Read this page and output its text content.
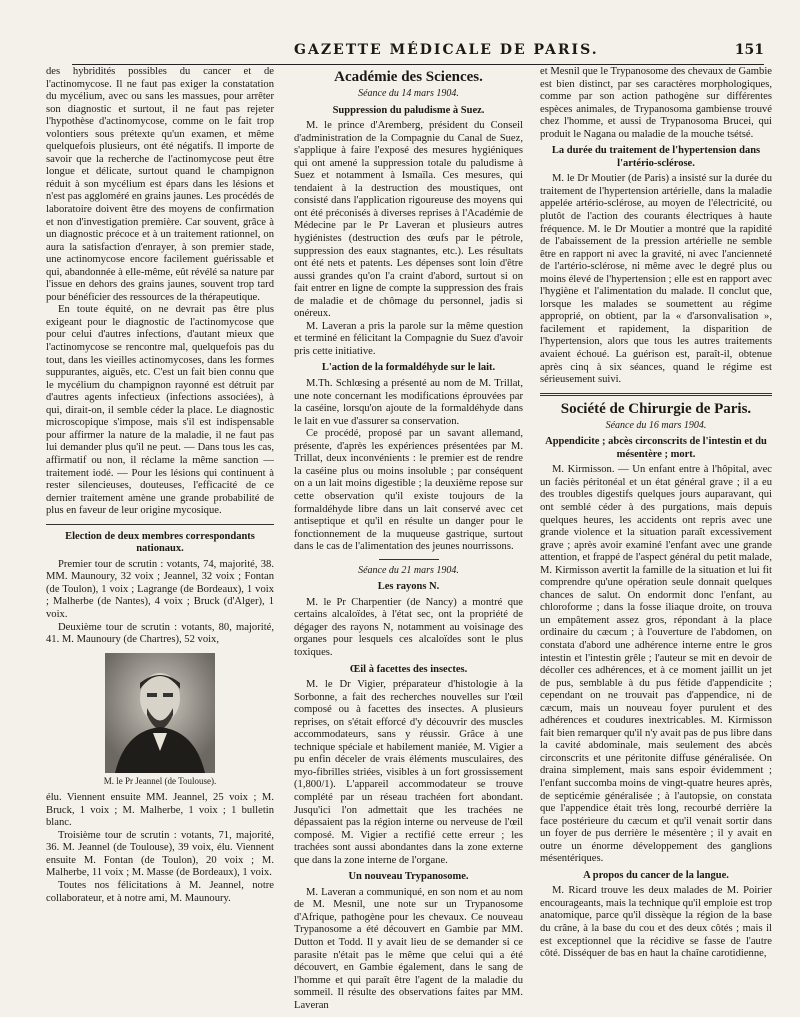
GAZETTE MÉDICALE DE PARIS.	151

des hybridités possibles du cancer et de l'actinomycose. Il ne faut pas exiger la constatation du mycélium, avec ou sans les massues, pour arrêter son diagnostic et surtout, il ne faut pas rejeter l'hypothèse d'actinomycose, comme on le fait trop volontiers sous prétexte qu'un examen, et même quelquefois plusieurs, ont été négatifs. Il importe de savoir que la recherche de l'actinomycose peut être longue et délicate, surtout quand le champignon réduit à son mycélium est épars dans les lésions et n'est pas aggloméré en grains jaunes. Les procédés de laboratoire doivent être des moyens de confirmation et non d'investigation première. Car souvent, grâce à un diagnostic précoce et à un traitement rationnel, on aura la satisfaction d'enrayer, à son premier stade, une actinomycose encore facilement guérissable et qui, abandonnée à elle-même, eût révélé sa nature par l'issue en dehors des grains jaunes, souvent trop tard pour bénéficier des ressources de la thérapeutique.

En toute équité, on ne devrait pas être plus exigeant pour le diagnostic de l'actinomycose que pour celui d'autres infections, d'autant mieux que l'actinomycose se rencontre mal, quelquefois pas du tout, dans les vieilles actinomycoses, dans les formes suppurantes, aiguës, etc. C'est un fait bien connu que le mycélium du champignon rayonné est détruit par d'autres agents infectieux (infections associées), à qui, dirait-on, il semble céder la place. Le diagnostic microscopique s'impose, mais s'il est indispensable pour affirmer la nature de la maladie, il ne faut pas lui demander plus qu'il ne peut. — Dans tous les cas, affirmatif ou non, il réclame la même sanction — traitement iodé. — Pour les lésions qui continuent à rester silencieuses, douteuses, l'efficacité de ce dernier traitement amène une grande probabilité de plus en faveur de leur origine mycosique.

Election de deux membres correspondants nationaux.

Premier tour de scrutin : votants, 74, majorité, 38. MM. Maunoury, 32 voix ; Jeannel, 32 voix ; Fontan (de Toulon), 1 voix ; Lagrange (de Bordeaux), 1 voix ; Malherbe (de Nantes), 4 voix ; Bruck (d'Alger), 1 voix.

Deuxième tour de scrutin : votants, 80, majorité, 41. M. Maunoury (de Chartres), 52 voix,

M. le Pr Jeannel (de Toulouse).

élu. Viennent ensuite MM. Jeannel, 25 voix ; M. Bruck, 1 voix ; M. Malherbe, 1 voix ; 1 bulletin blanc.

Troisième tour de scrutin : votants, 71, majorité, 36. M. Jeannel (de Toulouse), 39 voix, élu. Viennent ensuite M. Fontan (de Toulon), 20 voix ; M. Malherbe, 11 voix ; M. Masse (de Bordeaux), 1 voix.

Toutes nos félicitations à M. Jeannel, notre collaborateur, et à notre ami, M. Maunoury.

Académie des Sciences.
Séance du 14 mars 1904.
Suppression du paludisme à Suez.

M. le prince d'Aremberg, président du Conseil d'administration de la Compagnie du Canal de Suez, s'applique à faire l'exposé des mesures hygiéniques qui ont amené la suppression totale du paludisme à Suez et notamment à Ismaïla. Ces mesures, qui tendaient à la destruction des moustiques, ont consisté dans l'application rigoureuse des moyens qui ont été préconisés à diverses reprises à l'Académie de Médecine par le Pr Laveran et plusieurs autres hygiénistes (destruction des œufs par le pétrole, suppression des eaux stagnantes, etc.). Les résultats ont été nets et patents. Les dépenses sont loin d'être aussi grandes qu'on l'a craint d'abord, surtout si on fait entrer en ligne de compte la suppression des frais de maladie et de chômage du personnel, jadis si onéreux.

M. Laveran a pris la parole sur la même question et terminé en félicitant la Compagnie du Suez d'avoir pris cette initiative.

L'action de la formaldéhyde sur le lait.

M.Th. Schlœsing a présenté au nom de M. Trillat, une note concernant les modifications éprouvées par la caséine, lorsqu'on ajoute de la formaldéhyde dans le lait en vue d'assurer sa conservation.

Ce procédé, proposé par un savant allemand, présente, d'après les expériences présentées par M. Trillat, deux inconvénients : le premier est de rendre la caséine plus ou moins insoluble ; par conséquent on a un lait moins digestible ; la deuxième repose sur cette observation qu'il existe toujours de la formaldéhyde libre dans un lait conservé avec cet antiseptique et qu'il en résulte un danger pour le fonctionnement de la muqueuse gastrique, surtout dans le cas de l'alimentation des jeunes nourrissons.

Séance du 21 mars 1904.
Les rayons N.

M. le Pr Charpentier (de Nancy) a montré que certains alcaloïdes, à l'état sec, ont la propriété de dégager des rayons N, notamment au voisinage des organes pour lesquels ces alcaloïdes sont le plus toxiques.

Œil à facettes des insectes.

M. le Dr Vigier, préparateur d'histologie à la Sorbonne, a fait des recherches nouvelles sur l'œil composé ou à facettes des insectes. A plusieurs reprises, on s'était efforcé d'y découvrir des muscles accommodateurs, sans y réussir. Grâce à une technique spéciale et habilement maniée, M. Vigier a pu enfin déceler de vrais éléments musculaires, des myo-fibrilles striées, visibles à un fort grossissement (1,800/1). L'appareil accommodateur se trouve complété par un réseau trachéen fort abondant. Jusqu'ici l'on admettait que les trachées ne dépassaient pas la région interne ou nerveuse de l'œil composé. M. Vigier a rectifié cette erreur ; les trachées sont aussi abondantes dans la zone externe que dans la zone interne de l'organe.

Un nouveau Trypanosome.

M. Laveran a communiqué, en son nom et au nom de M. Mesnil, une note sur un Trypanosome d'Afrique, pathogène pour les chevaux. Ce nouveau Trypanosome a été découvert en Gambie par MM. Dutton et Todd. Il y avait lieu de se demander si ce parasite n'était pas le même que celui qui a été découvert, en Gambie également, dans le sang de l'homme et qui paraît être l'agent de la maladie du sommeil. Il résulte des observations faites par MM. Laveran

et Mesnil que le Trypanosome des chevaux de Gambie est bien distinct, par ses caractères morphologiques, comme par son action pathogène sur différentes espèces animales, de Trypanosoma gambiense trouvé chez l'homme, et aussi de Trypanosoma Brucei, qui produit le Nagana ou maladie de la mouche tsétsé.

La durée du traitement de l'hypertension dans l'artério-sclérose.

M. le Dr Moutier (de Paris) a insisté sur la durée du traitement de l'hypertension artérielle, dans la maladie appelée artério-sclérose, au moyen de l'électricité, ou plutôt de l'action des courants électriques à haute fréquence. M. le Dr Moutier a montré que la rapidité de l'abaissement de la pression artérielle ne semble être en rapport ni avec la gravité, ni avec l'ancienneté de l'artério-sclérose, ni même avec le degré plus ou moins élevé de l'hypertension ; elle est en rapport avec l'hygiène et l'alimentation du malade. Il conclut que, lorsque les malades se soumettent au régime approprié, on obtient, par la « d'arsonvalisation », facilement et rapidement, la disparition de l'hypertension, alors que tous les autres traitements avaient échoué. La guérison est, paraît-il, obtenue après cinq à six séances, quand le régime est sérieusement suivi.

Société de Chirurgie de Paris.
Séance du 16 mars 1904.
Appendicite ; abcès circonscrits de l'intestin et du mésentère ; mort.

M. Kirmisson. — Un enfant entre à l'hôpital, avec un faciès péritonéal et un état général grave ; il a eu des troubles digestifs quelques jours auparavant, qui ont semblé céder à des purgations, mais depuis quelques heures, les accidents ont repris avec une grande violence et la situation paraît excessivement grave ; après avoir examiné l'enfant avec une grande attention, et frappé de l'aspect général du petit malade, M. Kirmisson avertit la famille de la situation et lui fit comprendre qu'une opération seule donnait quelques chances de salut. On endormit donc l'enfant, au chloroforme ; dans la fosse iliaque droite, on trouva un empâtement assez gros, répondant à la place ordinaire du cæcum ; à l'ouverture de l'abdomen, on constata d'abord une adhérence interne entre le gros intestin et l'intestin grêle ; l'auteur se mit en devoir de décoller ces adhérences, et à ce moment jaillit un jet de pus, semblable à du pus fétide d'appendicite ; cependant on ne trouvait pas d'appendice, ni de cæcum, mais un nouveau foyer purulent et des adhérences et coudures inextricables. M. Kirmisson fait bien remarquer qu'il n'y avait pas de pus libre dans la cavité abdominale, mais seulement des abcès circonscrits et une péritonite diffuse généralisée. On draina simplement, mais sans espoir évidemment ; l'enfant succomba moins de vingt-quatre heures après, de septicémie généralisée ; à l'autopsie, on constata que l'appendice était très long, recourbé derrière la face postérieure du cæcum et qu'il venait sortir dans un foyer de pus derrière le mésentère ; il y avait en outre un énorme développement des ganglions mésentériques.

A propos du cancer de la langue.

M. Ricard trouve les deux malades de M. Poirier encourageants, mais la technique qu'il emploie est trop anatomique, parce qu'il dissèque la région de la base du crâne, à la base du cou et des deux côtés ; mais il est exceptionnel que la récidive se fasse de l'autre côté. Disséquer de bas en haut la chaîne carotidienne,
